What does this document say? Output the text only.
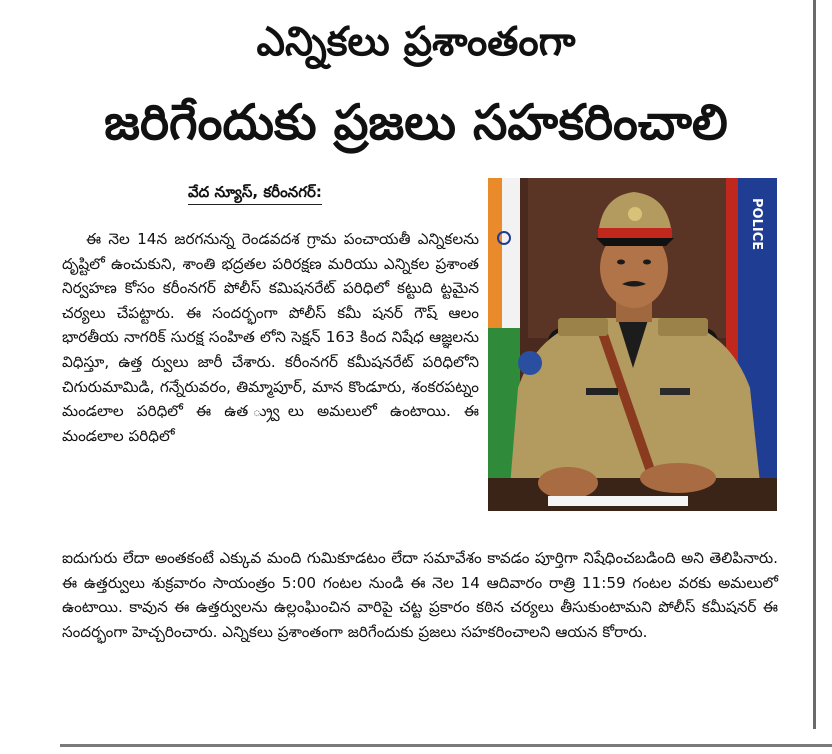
ఎన్నికలు ప్రశాంతంగా
జరిగేందుకు ప్రజలు సహకరించాలి
వేద న్యూస్, కరీంనగర్:

ఈ నెల 14న జరగనున్న రెండవదశ గ్రామ పంచాయతీ ఎన్నికలను దృష్టిలో ఉంచుకుని, శాంతి భద్రతల పరిరక్షణ మరియు ఎన్నికల ప్రశాంత నిర్వహణ కోసం కరీంనగర్ పోలీస్ కమిషనరేట్ పరిధిలో కట్టుది ట్టమైన చర్యలు చేపట్టారు. ఈ సందర్భంగా పోలీస్ కమీ షనర్ గౌష్ ఆలం భారతీయ నాగరిక్ సురక్ష సంహిత లోని సెక్షన్ 163 కింద నిషేధ ఆజ్ఞలను విధిస్తూ, ఉత్త ర్వులు జారీ చేశారు. కరీంనగర్ కమీషనరేట్ పరిధిలోని చిగురుమామిడి, గన్నేరువరం, తిమ్మాపూర్, మాన కొండూరు, శంకరపట్నం మండలాల పరిధిలో ఈ ఉత ్ర్వులు అమలులో ఉంటాయి. ఈ మండలాల పరిధిలో

POLICE

ఐదుగురు లేదా అంతకంటే ఎక్కువ మంది గుమికూడటం లేదా సమావేశం కావడం పూర్తిగా నిషేధించబడింది అని తెలిపినారు. ఈ ఉత్తర్వులు శుక్రవారం సాయంత్రం 5:00 గంటల నుండి ఈ నెల 14 ఆదివారం రాత్రి 11:59 గంటల వరకు అమలులో ఉంటాయి. కావున ఈ ఉత్తర్వులను ఉల్లంఘించిన వారిపై చట్ట ప్రకారం కఠిన చర్యలు తీసుకుంటామని పోలీస్ కమీషనర్ ఈ సందర్భంగా హెచ్చరించారు. ఎన్నికలు ప్రశాంతంగా జరిగేందుకు ప్రజలు సహకరించాలని ఆయన కోరారు.
